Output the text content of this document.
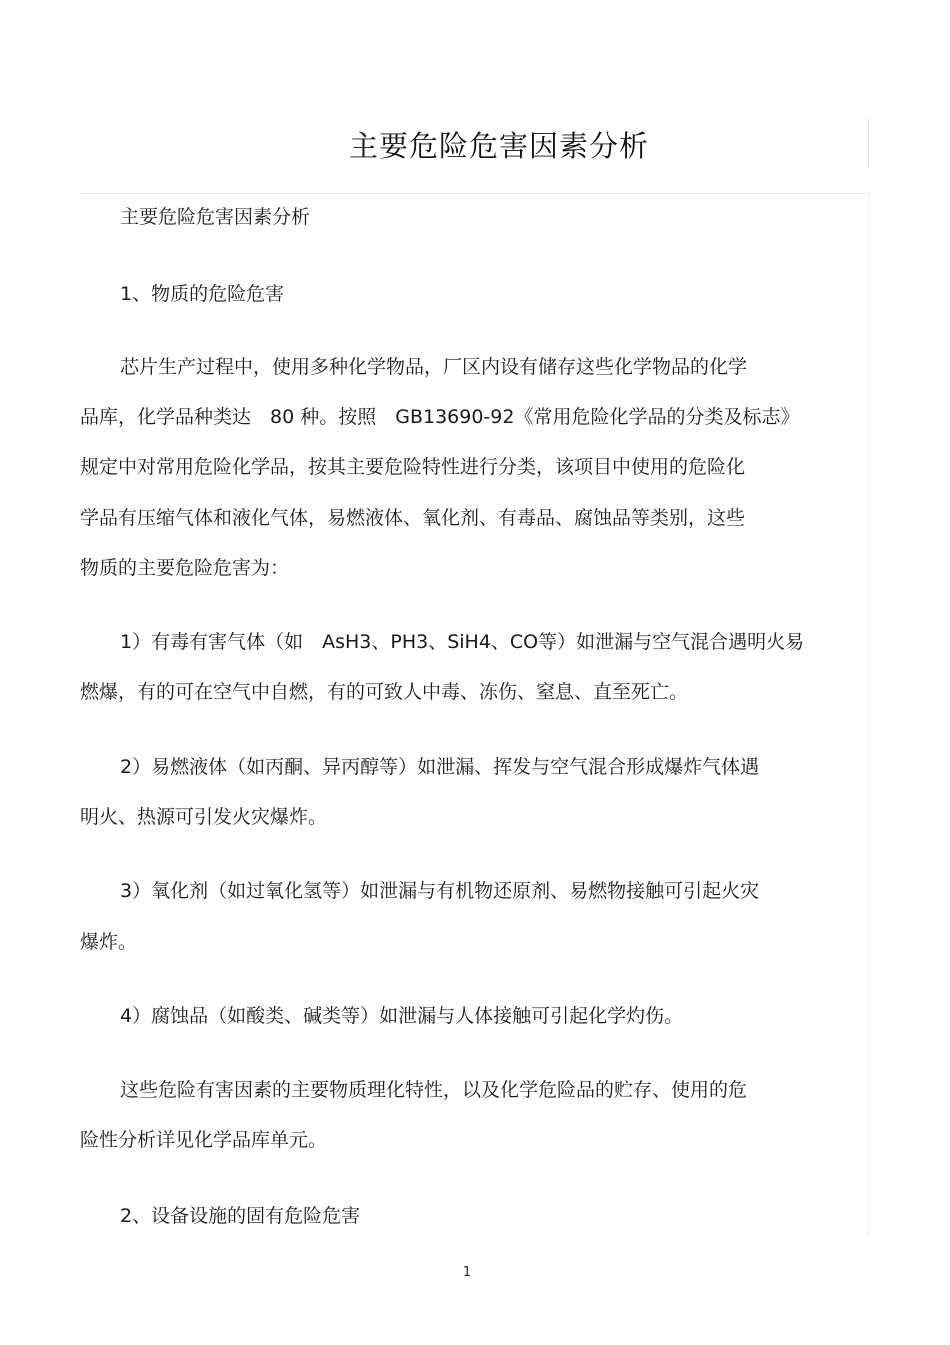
主要危险危害因素分析
主要危险危害因素分析
1、物质的危险危害
芯片生产过程中，使用多种化学物品，厂区内设有储存这些化学物品的化学
品库，化学品种类达　80 种。按照　GB13690-92《常用危险化学品的分类及标志》
规定中对常用危险化学品，按其主要危险特性进行分类，该项目中使用的危险化
学品有压缩气体和液化气体，易燃液体、氧化剂、有毒品、腐蚀品等类别，这些
物质的主要危险危害为：
1）有毒有害气体（如　AsH3、PH3、SiH4、CO等）如泄漏与空气混合遇明火易
燃爆，有的可在空气中自燃，有的可致人中毒、冻伤、窒息、直至死亡。
2）易燃液体（如丙酮、异丙醇等）如泄漏、挥发与空气混合形成爆炸气体遇
明火、热源可引发火灾爆炸。
3）氧化剂（如过氧化氢等）如泄漏与有机物还原剂、易燃物接触可引起火灾
爆炸。
4）腐蚀品（如酸类、碱类等）如泄漏与人体接触可引起化学灼伤。
这些危险有害因素的主要物质理化特性，以及化学危险品的贮存、使用的危
险性分析详见化学品库单元。
2、设备设施的固有危险危害
1
